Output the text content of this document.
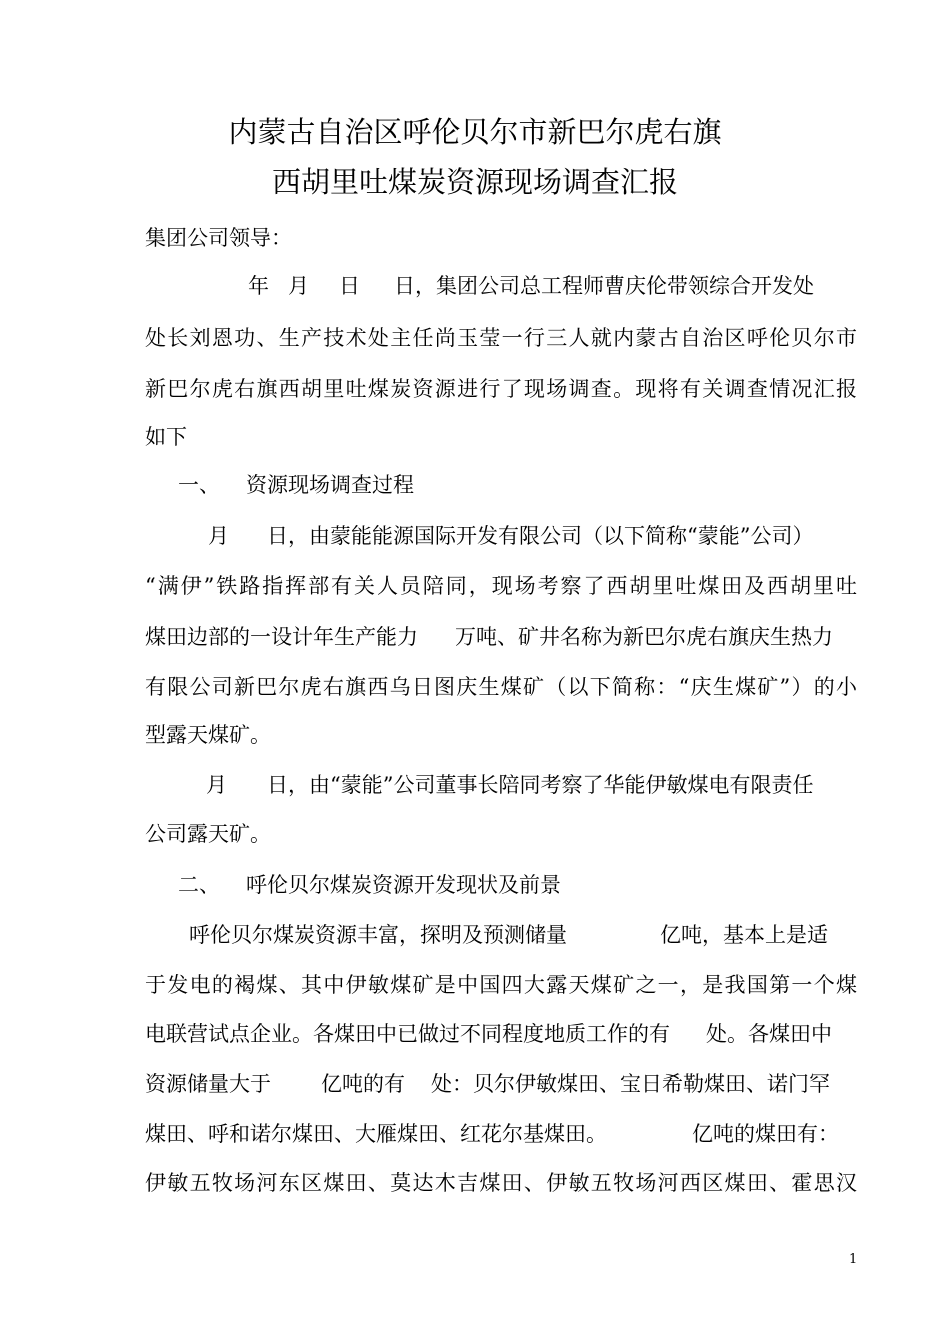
内蒙古自治区呼伦贝尔市新巴尔虎右旗
西胡里吐煤炭资源现场调查汇报
集团公司领导：
年 月 日 日，集团公司总工程师曹庆伦带领综合开发处
处长刘恩功、生产技术处主任尚玉莹一行三人就内蒙古自治区呼伦贝尔市
新巴尔虎右旗西胡里吐煤炭资源进行了现场调查。现将有关调查情况汇报
如下
一、 资源现场调查过程
月 日，由蒙能能源国际开发有限公司（以下简称“蒙能”公司）
“满伊”铁路指挥部有关人员陪同，现场考察了西胡里吐煤田及西胡里吐
煤田边部的一设计年生产能力 万吨、矿井名称为新巴尔虎右旗庆生热力
有限公司新巴尔虎右旗西乌日图庆生煤矿（以下简称：“庆生煤矿”）的小
型露天煤矿。
月 日，由“蒙能”公司董事长陪同考察了华能伊敏煤电有限责任
公司露天矿。
二、 呼伦贝尔煤炭资源开发现状及前景
呼伦贝尔煤炭资源丰富，探明及预测储量	亿吨，基本上是适
于发电的褐煤、其中伊敏煤矿是中国四大露天煤矿之一，是我国第一个煤
电联营试点企业。各煤田中已做过不同程度地质工作的有 处。各煤田中
资源储量大于 亿吨的有 处：贝尔伊敏煤田、宝日希勒煤田、诺门罕
煤田、呼和诺尔煤田、大雁煤田、红花尔基煤田。	亿吨的煤田有：
伊敏五牧场河东区煤田、莫达木吉煤田、伊敏五牧场河西区煤田、霍思汉
1
